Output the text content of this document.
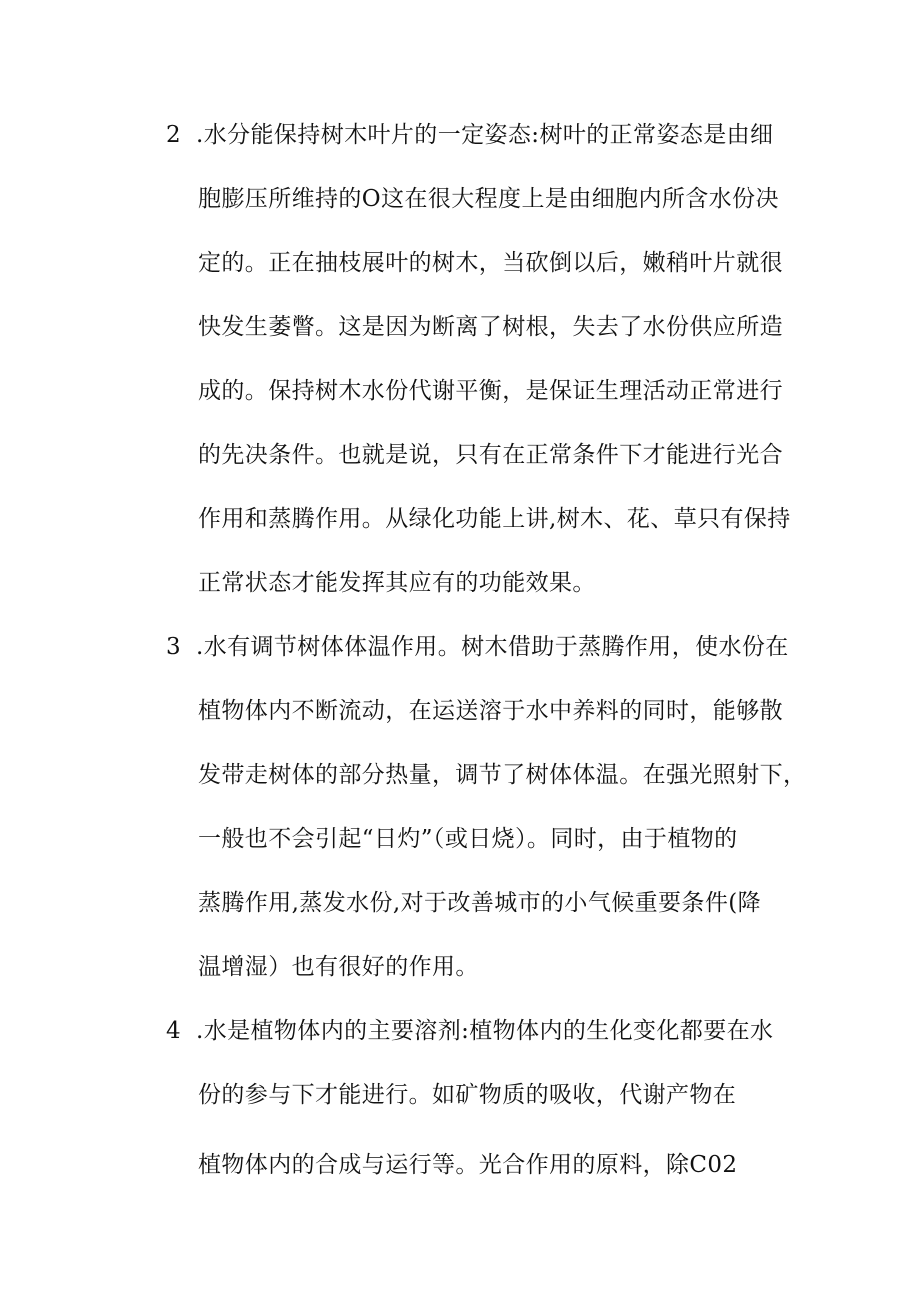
2 .水分能保持树木叶片的一定姿态:树叶的正常姿态是由细
胞膨压所维持的O这在很大程度上是由细胞内所含水份决
定的。正在抽枝展叶的树木，当砍倒以后，嫩稍叶片就很
快发生萎瞥。这是因为断离了树根，失去了水份供应所造
成的。保持树木水份代谢平衡，是保证生理活动正常进行
的先决条件。也就是说，只有在正常条件下才能进行光合
作用和蒸腾作用。从绿化功能上讲,树木、花、草只有保持
正常状态才能发挥其应有的功能效果。
3 .水有调节树体体温作用。树木借助于蒸腾作用，使水份在
植物体内不断流动，在运送溶于水中养料的同时，能够散
发带走树体的部分热量，调节了树体体温。在强光照射下，
一般也不会引起“日灼”（或日烧）。同时，由于植物的
蒸腾作用,蒸发水份,对于改善城市的小气候重要条件(降
温增湿）也有很好的作用。
4 .水是植物体内的主要溶剂:植物体内的生化变化都要在水
份的参与下才能进行。如矿物质的吸收，代谢产物在
植物体内的合成与运行等。光合作用的原料，除C02
